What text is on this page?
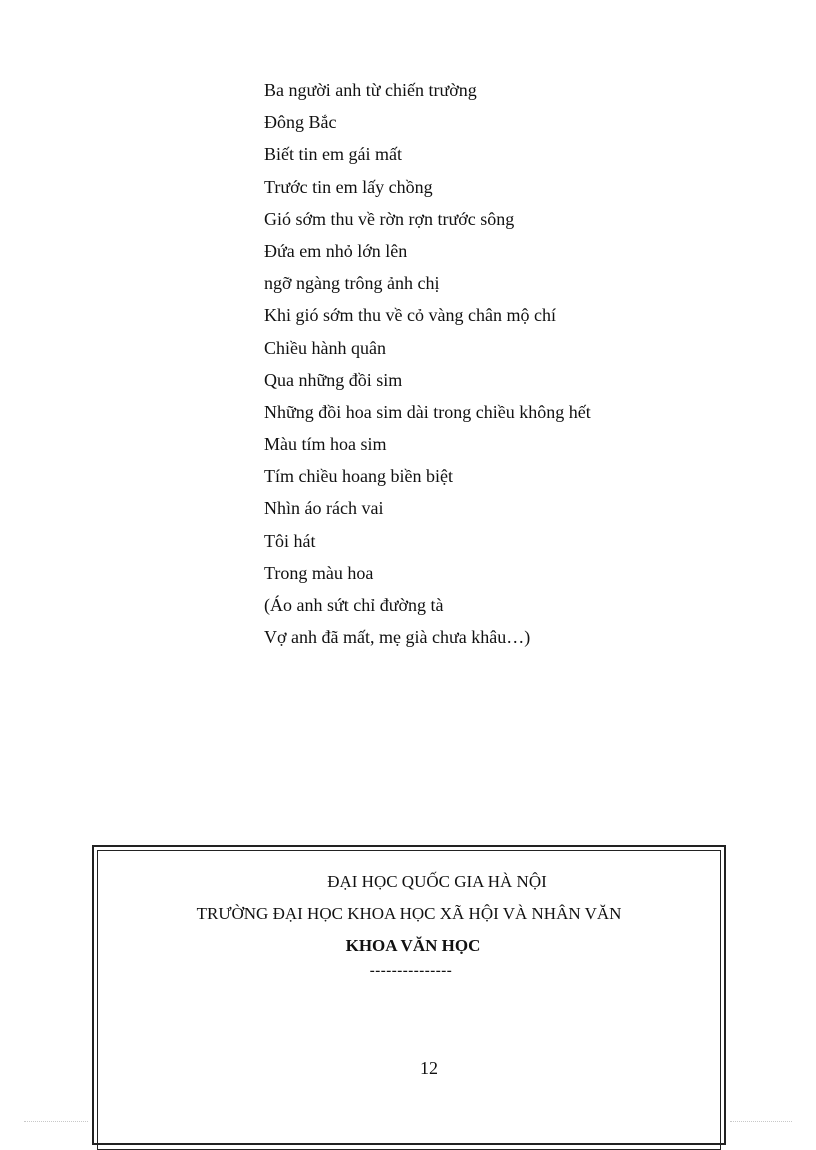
Ba người anh từ chiến trường
Đông Bắc
Biết tin em gái mất
Trước tin em lấy chồng
Gió sớm thu về rờn rợn trước sông
Đứa em nhỏ lớn lên
ngỡ ngàng trông ảnh chị
Khi gió sớm thu về cỏ vàng chân mộ chí
Chiều hành quân
Qua những đồi sim
Những đồi hoa sim dài trong chiều không hết
Màu tím hoa sim
Tím chiều hoang biền biệt
Nhìn áo rách vai
Tôi hát
Trong màu hoa
(Áo anh sứt chỉ đường tà
Vợ anh đã mất, mẹ già chưa khâu…)
ĐẠI HỌC QUỐC GIA HÀ NỘI
TRƯỜNG ĐẠI HỌC KHOA HỌC XÃ HỘI VÀ NHÂN VĂN
KHOA VĂN HỌC
---------------
12
